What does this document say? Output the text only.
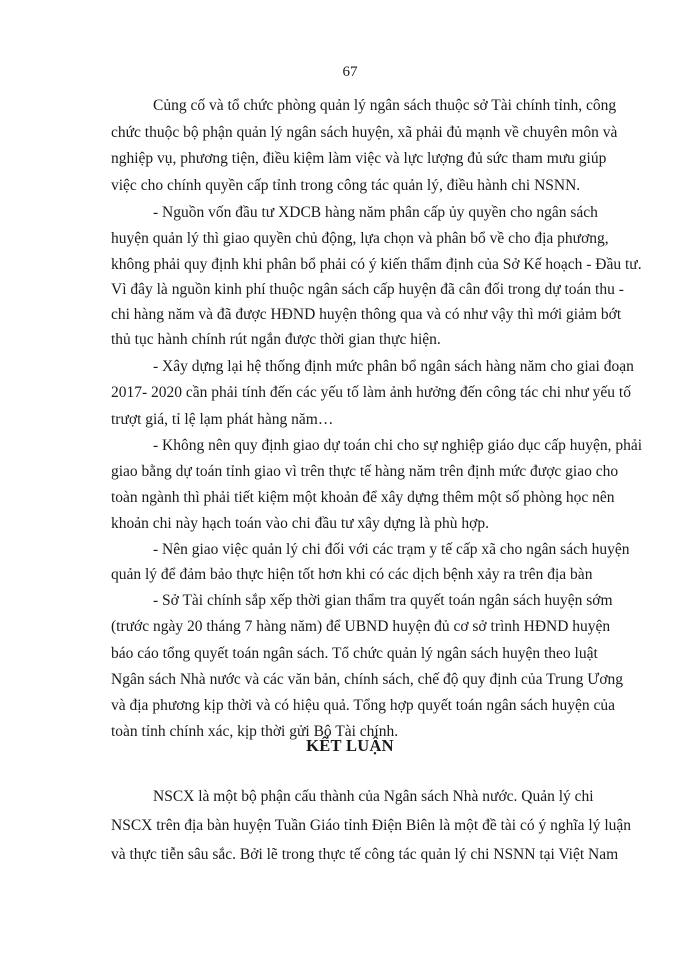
67
Củng cố và tổ chức phòng quản lý ngân sách thuộc sở Tài chính tỉnh, công
chức thuộc bộ phận quản lý ngân sách huyện, xã phải đủ mạnh về chuyên môn và
nghiệp vụ, phương tiện, điều kiệm làm việc và lực lượng đủ sức tham mưu giúp
việc cho chính quyền cấp tỉnh trong công tác quản lý, điều hành chi NSNN.
- Nguồn vốn đầu tư XDCB hàng năm phân cấp ủy quyền cho ngân sách
huyện quản lý thì giao quyền chủ động, lựa chọn và phân bổ về cho địa phương,
không phải quy định khi phân bổ phải có ý kiến thẩm định của Sở Kế hoạch - Đầu tư.
Vì đây là nguồn kinh phí thuộc ngân sách cấp huyện đã cân đối trong dự toán thu -
chi hàng năm và đã được HĐND huyện thông qua và có như vậy thì mới giảm bớt
thủ tục hành chính rút ngắn được thời gian thực hiện.
- Xây dựng lại hệ thống định mức phân bổ ngân sách hàng năm cho giai đoạn
2017- 2020 cần phải tính đến các yếu tố làm ảnh hưởng đến công tác chi như yếu tố
trượt giá, tỉ lệ lạm phát hàng năm…
- Không nên quy định giao dự toán chi cho sự nghiệp giáo dục cấp huyện, phải
giao bằng dự toán tỉnh giao vì trên thực tế hàng năm trên định mức được giao cho
toàn ngành thì phải tiết kiệm một khoản để xây dựng thêm một số phòng học nên
khoản chi này hạch toán vào chi đầu tư xây dựng là phù hợp.
- Nên giao việc quản lý chi đối với các trạm y tế cấp xã cho ngân sách huyện
quản lý để đảm bảo thực hiện tốt hơn khi có các dịch bệnh xảy ra trên địa bàn
- Sở Tài chính sắp xếp thời gian thẩm tra quyết toán ngân sách huyện sớm
(trước ngày 20 tháng 7 hàng năm) để UBND huyện đủ cơ sở trình HĐND huyện
báo cáo tổng quyết toán ngân sách. Tổ chức quản lý ngân sách huyện theo luật
Ngân sách Nhà nước và các văn bản, chính sách, chế độ quy định của Trung Ương
và địa phương kịp thời và có hiệu quả. Tổng hợp quyết toán ngân sách huyện của
toàn tỉnh chính xác, kịp thời gửi Bộ Tài chính.
KẾT LUẬN
NSCX là một bộ phận cấu thành của Ngân sách Nhà nước. Quản lý chi
NSCX trên địa bàn huyện Tuần Giáo tỉnh Điện Biên là một đề tài có ý nghĩa lý luận
và thực tiễn sâu sắc. Bởi lẽ trong thực tế công tác quản lý chi NSNN tại Việt Nam
